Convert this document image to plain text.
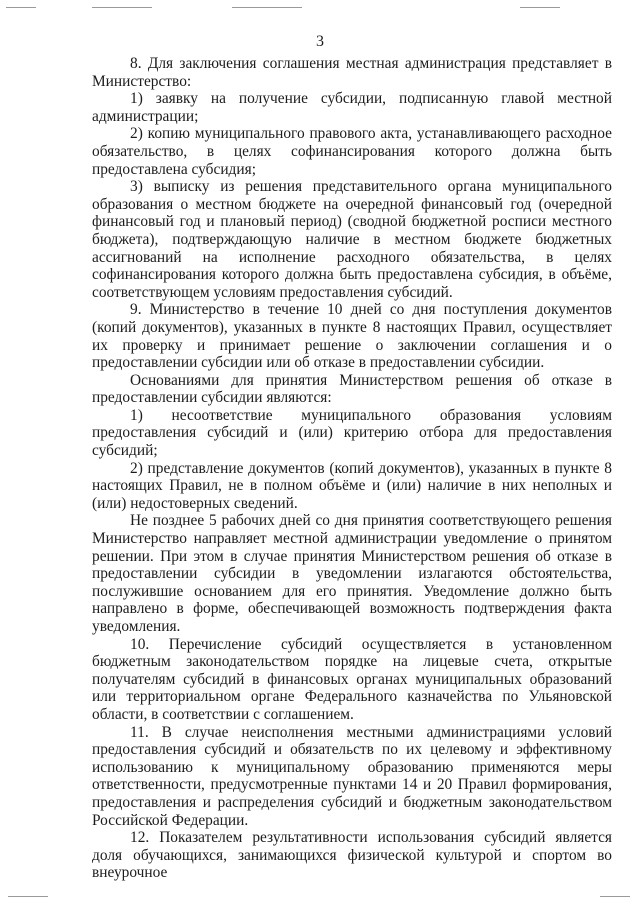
3

8. Для заключения соглашения местная администрация представляет в Министерство:

1) заявку на получение субсидии, подписанную главой местной администрации;

2) копию муниципального правового акта, устанавливающего расходное обязательство, в целях софинансирования которого должна быть предоставлена субсидия;

3) выписку из решения представительного органа муниципального образования о местном бюджете на очередной финансовый год (очередной финансовый год и плановый период) (сводной бюджетной росписи местного бюджета), подтверждающую наличие в местном бюджете бюджетных ассигнований на исполнение расходного обязательства, в целях софинансирования которого должна быть предоставлена субсидия, в объёме, соответствующем условиям предоставления субсидий.

9. Министерство в течение 10 дней со дня поступления документов (копий документов), указанных в пункте 8 настоящих Правил, осуществляет их проверку и принимает решение о заключении соглашения и о предоставлении субсидии или об отказе в предоставлении субсидии.

Основаниями для принятия Министерством решения об отказе в предоставлении субсидии являются:

1) несоответствие муниципального образования условиям предоставления субсидий и (или) критерию отбора для предоставления субсидий;

2) представление документов (копий документов), указанных в пункте 8 настоящих Правил, не в полном объёме и (или) наличие в них неполных и (или) недостоверных сведений.

Не позднее 5 рабочих дней со дня принятия соответствующего решения Министерство направляет местной администрации уведомление о принятом решении. При этом в случае принятия Министерством решения об отказе в предоставлении субсидии в уведомлении излагаются обстоятельства, послужившие основанием для его принятия. Уведомление должно быть направлено в форме, обеспечивающей возможность подтверждения факта уведомления.

10. Перечисление субсидий осуществляется в установленном бюджетным законодательством порядке на лицевые счета, открытые получателям субсидий в финансовых органах муниципальных образований или территориальном органе Федерального казначейства по Ульяновской области, в соответствии с соглашением.

11. В случае неисполнения местными администрациями условий предоставления субсидий и обязательств по их целевому и эффективному использованию к муниципальному образованию применяются меры ответственности, предусмотренные пунктами 14 и 20 Правил формирования, предоставления и распределения субсидий и бюджетным законодательством Российской Федерации.

12. Показателем результативности использования субсидий является доля обучающихся, занимающихся физической культурой и спортом во внеурочное
